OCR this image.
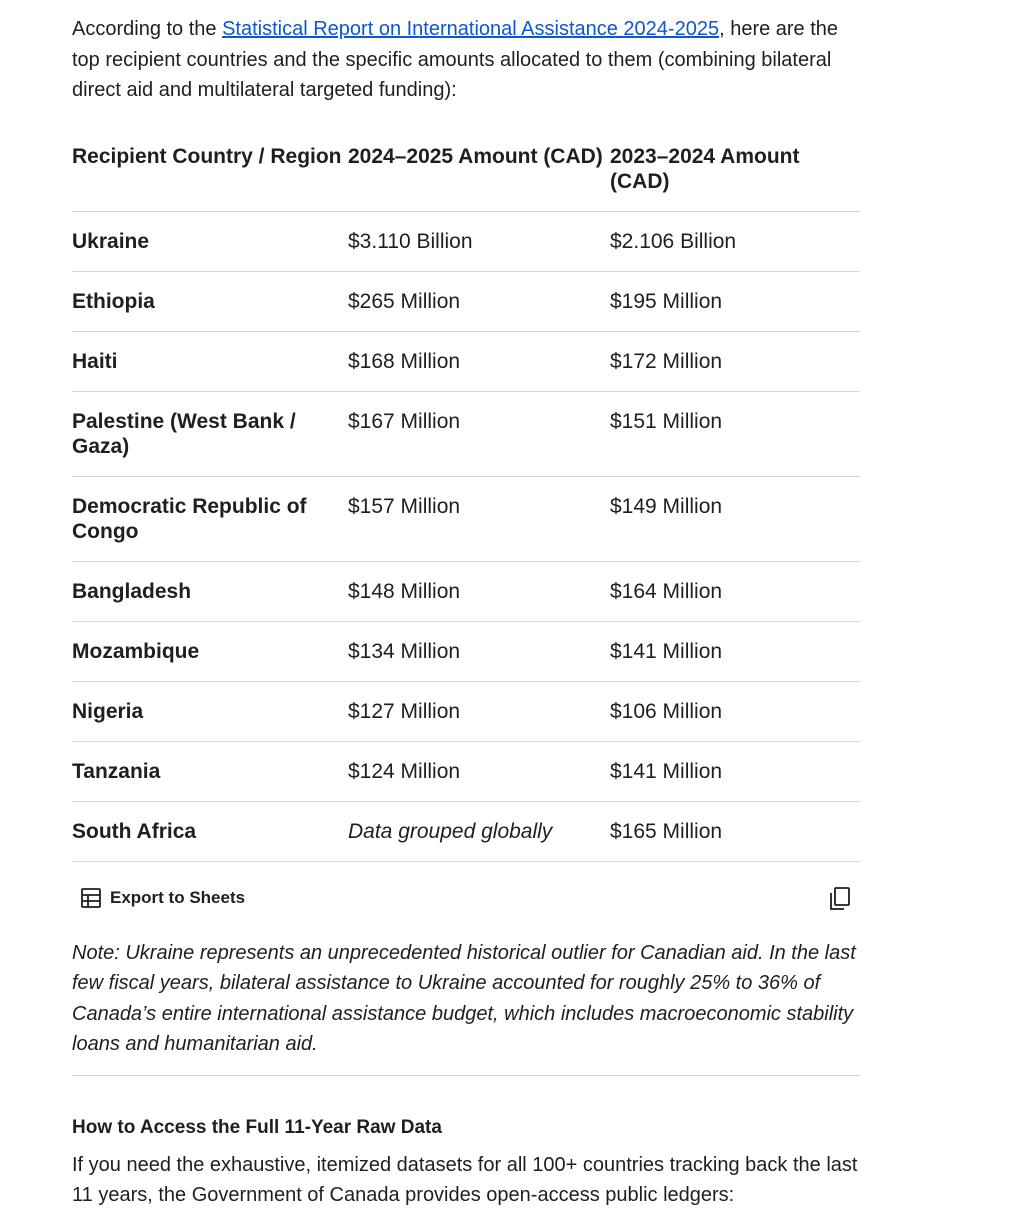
According to the Statistical Report on International Assistance 2024-2025, here are the top recipient countries and the specific amounts allocated to them (combining bilateral direct aid and multilateral targeted funding):

Recipient Country / Region	2024–2025 Amount (CAD)	2023–2024 Amount (CAD)
Ukraine	$3.110 Billion	$2.106 Billion
Ethiopia	$265 Million	$195 Million
Haiti	$168 Million	$172 Million
Palestine (West Bank / Gaza)	$167 Million	$151 Million
Democratic Republic of Congo	$157 Million	$149 Million
Bangladesh	$148 Million	$164 Million
Mozambique	$134 Million	$141 Million
Nigeria	$127 Million	$106 Million
Tanzania	$124 Million	$141 Million
South Africa	Data grouped globally	$165 Million
Export to Sheets

Note: Ukraine represents an unprecedented historical outlier for Canadian aid. In the last few fiscal years, bilateral assistance to Ukraine accounted for roughly 25% to 36% of Canada’s entire international assistance budget, which includes macroeconomic stability loans and humanitarian aid.

How to Access the Full 11-Year Raw Data

If you need the exhaustive, itemized datasets for all 100+ countries tracking back the last 11 years, the Government of Canada provides open-access public ledgers:
